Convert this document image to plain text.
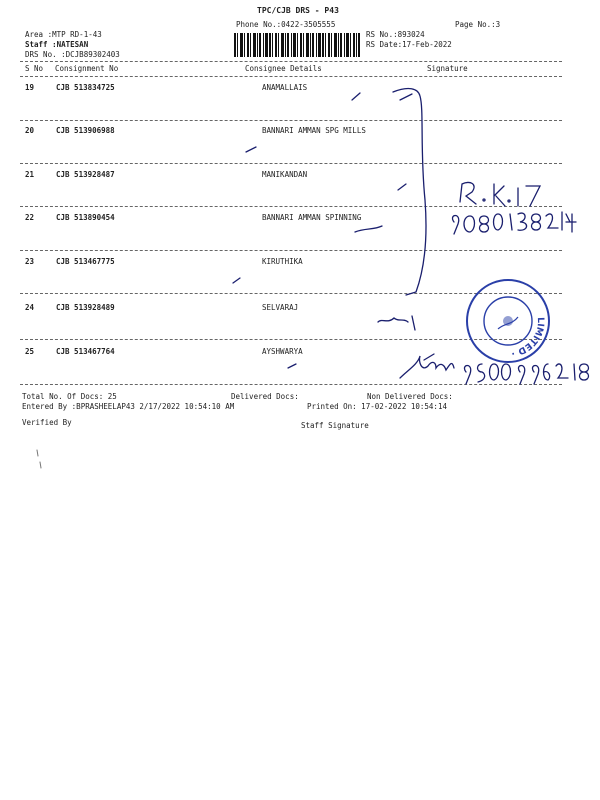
TPC/CJB DRS - P43
Phone No.:0422-3505555	Page No.:3
Area :MTP RD-1-43
Staff :NATESAN
DRS No. :DCJB89302403
RS No.:893024
RS Date:17-Feb-2022
S No Consignment No	Consignee Details	Signature
19	CJB 513834725	ANAMALLAIS
20	CJB 513906988	BANNARI AMMAN SPG MILLS
21	CJB 513928487	MANIKANDAN
22	CJB 513890454	BANNARI AMMAN SPINNING
23	CJB 513467775	KIRUTHIKA
24	CJB 513928489	SELVARAJ
25	CJB 513467764	AYSHWARYA
Total No. Of Docs: 25	Delivered Docs:	Non Delivered Docs:
Entered By :BPRASHEELAP43 2/17/2022 10:54:10 AM	Printed On: 17-02-2022 10:54:14
Verified By	Staff Signature
LIMITED ·
